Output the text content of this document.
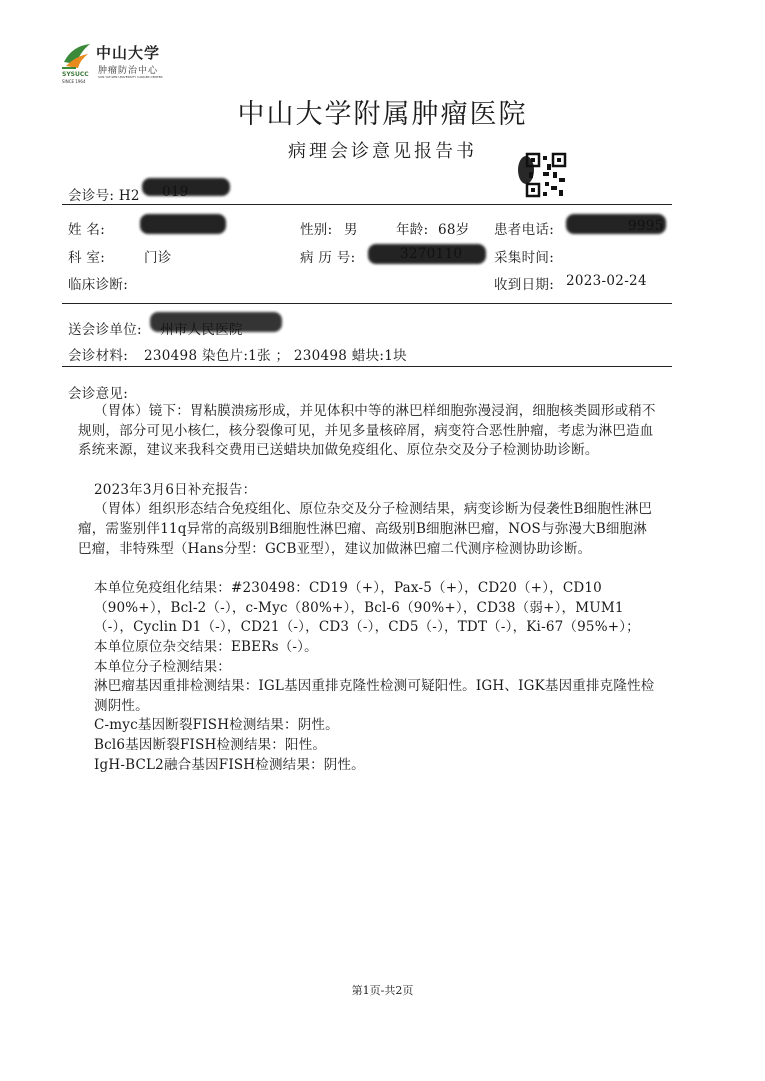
中山大学
肿瘤防治中心
SYSUCC	SUN YAT-SEN UNIVERSITY CANCER CENTER
SINCE 1964
中山大学附属肿瘤医院
病理会诊意见报告书
会诊号: H2
姓 名:	性别: 男	年龄: 68岁 患者电话:
科 室:	门诊	病 历 号:	采集时间:
临床诊断:	收到日期: 2023-02-24
送会诊单位:
会诊材料: 230498 染色片:1张 ； 230498 蜡块:1块
会诊意见:

（胃体）镜下：胃粘膜溃疡形成，并见体积中等的淋巴样细胞弥漫浸润，细胞核类圆形或稍不规则，部分可见小核仁，核分裂像可见，并见多量核碎屑，病变符合恶性肿瘤，考虑为淋巴造血系统来源，建议来我科交费用已送蜡块加做免疫组化、原位杂交及分子检测协助诊断。

2023年3月6日补充报告：

（胃体）组织形态结合免疫组化、原位杂交及分子检测结果，病变诊断为侵袭性B细胞性淋巴瘤，需鉴别伴11q异常的高级别B细胞性淋巴瘤、高级别B细胞淋巴瘤，NOS与弥漫大B细胞淋巴瘤，非特殊型（Hans分型：GCB亚型），建议加做淋巴瘤二代测序检测协助诊断。

本单位免疫组化结果：#230498：CD19（+），Pax-5（+），CD20（+），CD10（90%+），Bcl-2（-），c-Myc（80%+），Bcl-6（90%+），CD38（弱+），MUM1（-），Cyclin D1（-），CD21（-），CD3（-），CD5（-），TDT（-），Ki-67（95%+）；

本单位原位杂交结果：EBERs（-）。

本单位分子检测结果：

淋巴瘤基因重排检测结果：IGL基因重排克隆性检测可疑阳性。IGH、IGK基因重排克隆性检测阴性。

C-myc基因断裂FISH检测结果：阴性。

Bcl6基因断裂FISH检测结果：阳性。

IgH-BCL2融合基因FISH检测结果：阴性。

第1页-共2页
